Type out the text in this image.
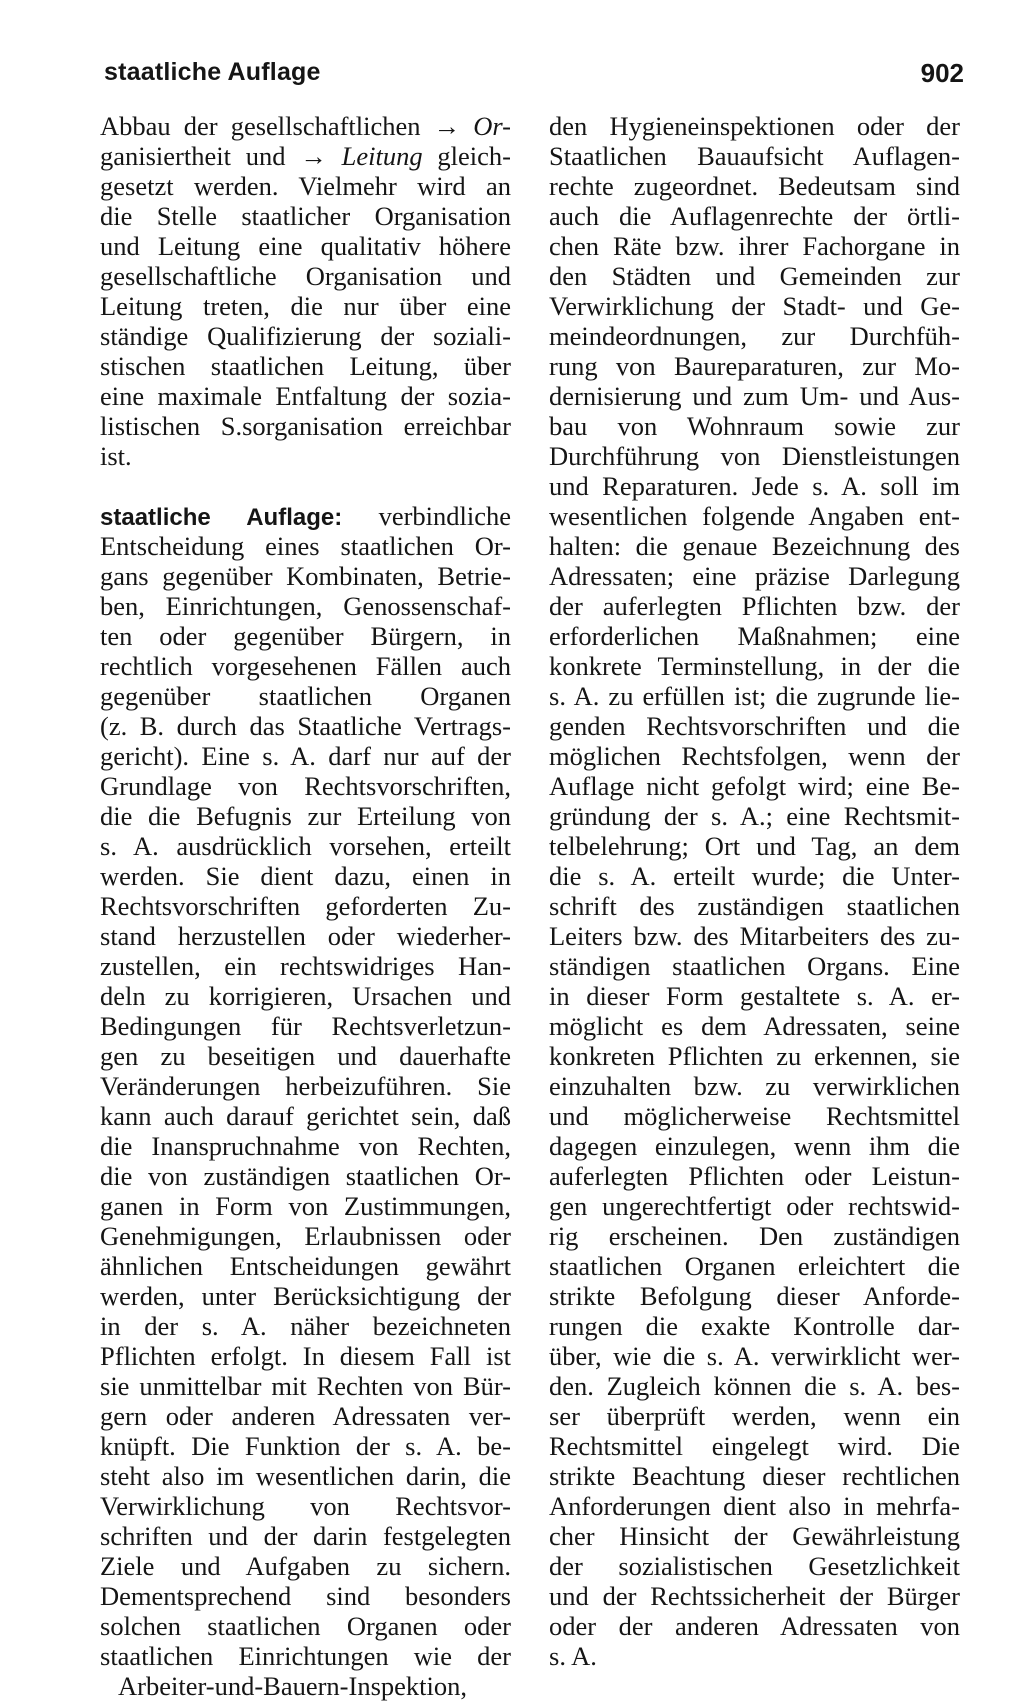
staatliche Auflage	902
Abbau der gesellschaftlichen → Or-
ganisiertheit und → Leitung gleich-
gesetzt werden. Vielmehr wird an
die Stelle staatlicher Organisation
und Leitung eine qualitativ höhere
gesellschaftliche Organisation und
Leitung treten, die nur über eine
ständige Qualifizierung der soziali-
stischen staatlichen Leitung, über
eine maximale Entfaltung der sozia-
listischen S.sorganisation erreichbar
ist.
staatliche Auflage: verbindliche
Entscheidung eines staatlichen Or-
gans gegenüber Kombinaten, Betrie-
ben, Einrichtungen, Genossenschaf-
ten oder gegenüber Bürgern, in
rechtlich vorgesehenen Fällen auch
gegenüber staatlichen Organen
(z. B. durch das Staatliche Vertrags-
gericht). Eine s. A. darf nur auf der
Grundlage von Rechtsvorschriften,
die die Befugnis zur Erteilung von
s. A. ausdrücklich vorsehen, erteilt
werden. Sie dient dazu, einen in
Rechtsvorschriften geforderten Zu-
stand herzustellen oder wiederher-
zustellen, ein rechtswidriges Han-
deln zu korrigieren, Ursachen und
Bedingungen für Rechtsverletzun-
gen zu beseitigen und dauerhafte
Veränderungen herbeizuführen. Sie
kann auch darauf gerichtet sein, daß
die Inanspruchnahme von Rechten,
die von zuständigen staatlichen Or-
ganen in Form von Zustimmungen,
Genehmigungen, Erlaubnissen oder
ähnlichen Entscheidungen gewährt
werden, unter Berücksichtigung der
in der s. A. näher bezeichneten
Pflichten erfolgt. In diesem Fall ist
sie unmittelbar mit Rechten von Bür-
gern oder anderen Adressaten ver-
knüpft. Die Funktion der s. A. be-
steht also im wesentlichen darin, die
Verwirklichung von Rechtsvor-
schriften und der darin festgelegten
Ziele und Aufgaben zu sichern.
Dementsprechend sind besonders
solchen staatlichen Organen oder
staatlichen Einrichtungen wie der
Arbeiter-und-Bauern-Inspektion,
den Hygieneinspektionen oder der
Staatlichen Bauaufsicht Auflagen-
rechte zugeordnet. Bedeutsam sind
auch die Auflagenrechte der örtli-
chen Räte bzw. ihrer Fachorgane in
den Städten und Gemeinden zur
Verwirklichung der Stadt- und Ge-
meindeordnungen, zur Durchfüh-
rung von Baureparaturen, zur Mo-
dernisierung und zum Um- und Aus-
bau von Wohnraum sowie zur
Durchführung von Dienstleistungen
und Reparaturen. Jede s. A. soll im
wesentlichen folgende Angaben ent-
halten: die genaue Bezeichnung des
Adressaten; eine präzise Darlegung
der auferlegten Pflichten bzw. der
erforderlichen Maßnahmen; eine
konkrete Terminstellung, in der die
s. A. zu erfüllen ist; die zugrunde lie-
genden Rechtsvorschriften und die
möglichen Rechtsfolgen, wenn der
Auflage nicht gefolgt wird; eine Be-
gründung der s. A.; eine Rechtsmit-
telbelehrung; Ort und Tag, an dem
die s. A. erteilt wurde; die Unter-
schrift des zuständigen staatlichen
Leiters bzw. des Mitarbeiters des zu-
ständigen staatlichen Organs. Eine
in dieser Form gestaltete s. A. er-
möglicht es dem Adressaten, seine
konkreten Pflichten zu erkennen, sie
einzuhalten bzw. zu verwirklichen
und möglicherweise Rechtsmittel
dagegen einzulegen, wenn ihm die
auferlegten Pflichten oder Leistun-
gen ungerechtfertigt oder rechtswid-
rig erscheinen. Den zuständigen
staatlichen Organen erleichtert die
strikte Befolgung dieser Anforde-
rungen die exakte Kontrolle dar-
über, wie die s. A. verwirklicht wer-
den. Zugleich können die s. A. bes-
ser überprüft werden, wenn ein
Rechtsmittel eingelegt wird. Die
strikte Beachtung dieser rechtlichen
Anforderungen dient also in mehrfa-
cher Hinsicht der Gewährleistung
der sozialistischen Gesetzlichkeit
und der Rechtssicherheit der Bürger
oder der anderen Adressaten von
s. A.
